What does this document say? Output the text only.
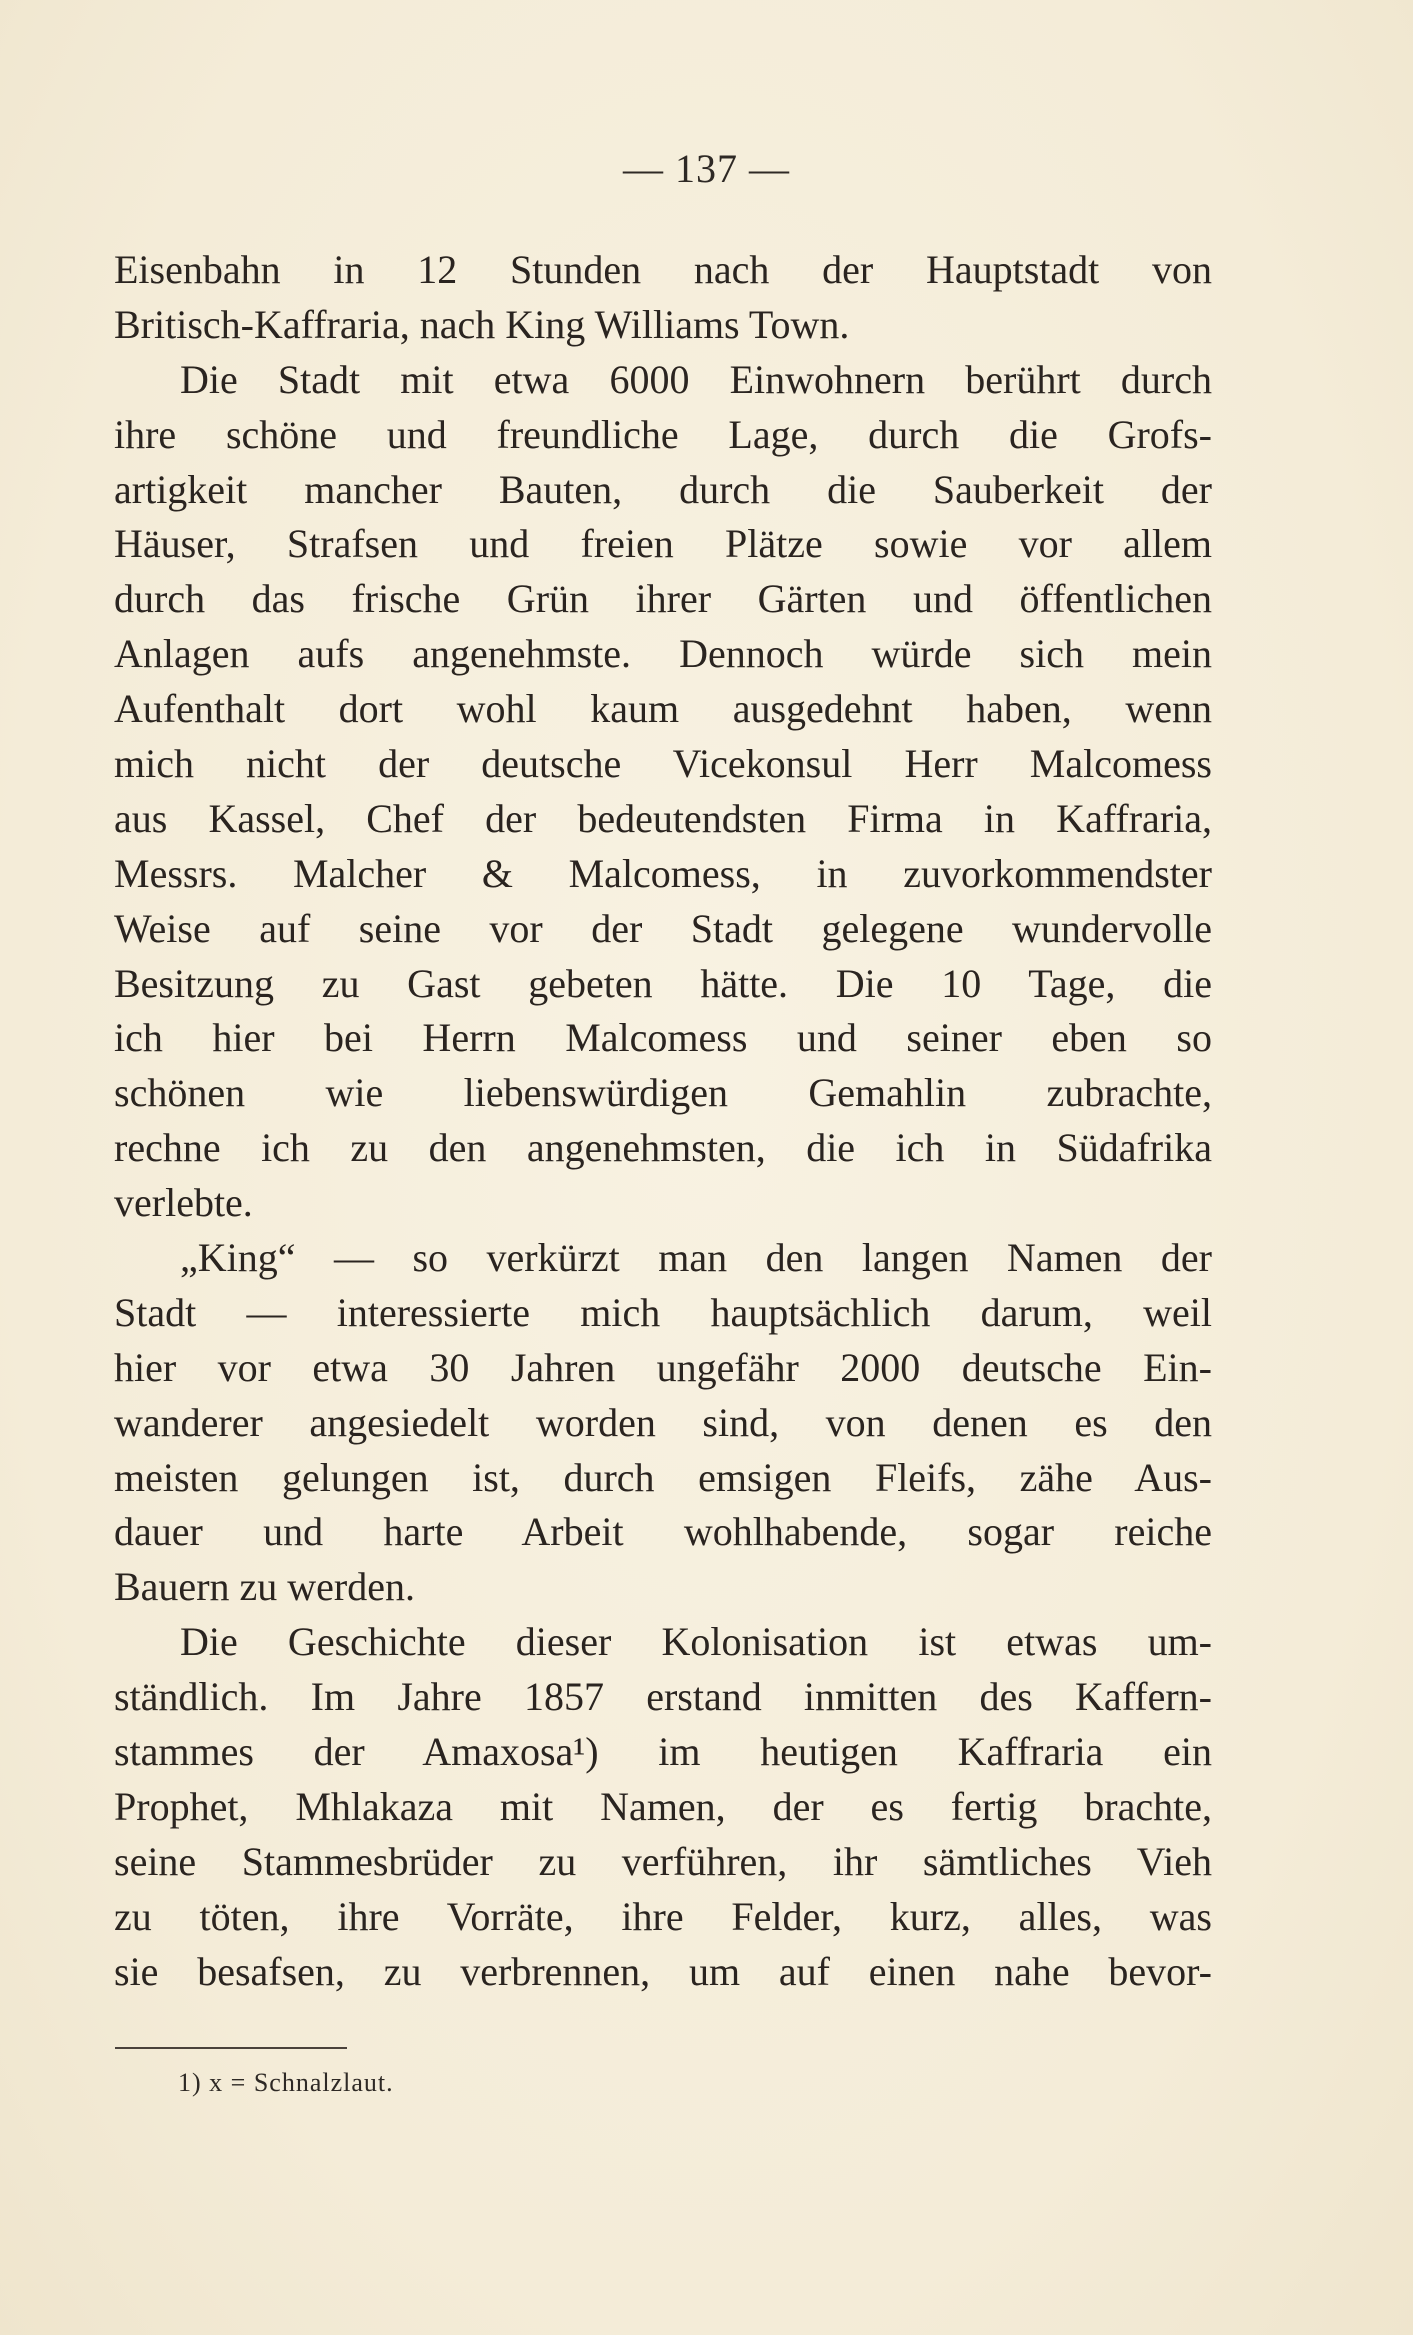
— 137 —
Eisenbahn in 12 Stunden nach der Hauptstadt von
Britisch-Kaffraria, nach King Williams Town.
Die Stadt mit etwa 6000 Einwohnern berührt durch
ihre schöne und freundliche Lage, durch die Grofs-
artigkeit mancher Bauten, durch die Sauberkeit der
Häuser, Strafsen und freien Plätze sowie vor allem
durch das frische Grün ihrer Gärten und öffentlichen
Anlagen aufs angenehmste. Dennoch würde sich mein
Aufenthalt dort wohl kaum ausgedehnt haben, wenn
mich nicht der deutsche Vicekonsul Herr Malcomess
aus Kassel, Chef der bedeutendsten Firma in Kaffraria,
Messrs. Malcher & Malcomess, in zuvorkommendster
Weise auf seine vor der Stadt gelegene wundervolle
Besitzung zu Gast gebeten hätte. Die 10 Tage, die
ich hier bei Herrn Malcomess und seiner eben so
schönen wie liebenswürdigen Gemahlin zubrachte,
rechne ich zu den angenehmsten, die ich in Südafrika
verlebte.
„King“ — so verkürzt man den langen Namen der
Stadt — interessierte mich hauptsächlich darum, weil
hier vor etwa 30 Jahren ungefähr 2000 deutsche Ein-
wanderer angesiedelt worden sind, von denen es den
meisten gelungen ist, durch emsigen Fleifs, zähe Aus-
dauer und harte Arbeit wohlhabende, sogar reiche
Bauern zu werden.
Die Geschichte dieser Kolonisation ist etwas um-
ständlich. Im Jahre 1857 erstand inmitten des Kaffern-
stammes der Amaxosa¹) im heutigen Kaffraria ein
Prophet, Mhlakaza mit Namen, der es fertig brachte,
seine Stammesbrüder zu verführen, ihr sämtliches Vieh
zu töten, ihre Vorräte, ihre Felder, kurz, alles, was
sie besafsen, zu verbrennen, um auf einen nahe bevor-
1) x = Schnalzlaut.
